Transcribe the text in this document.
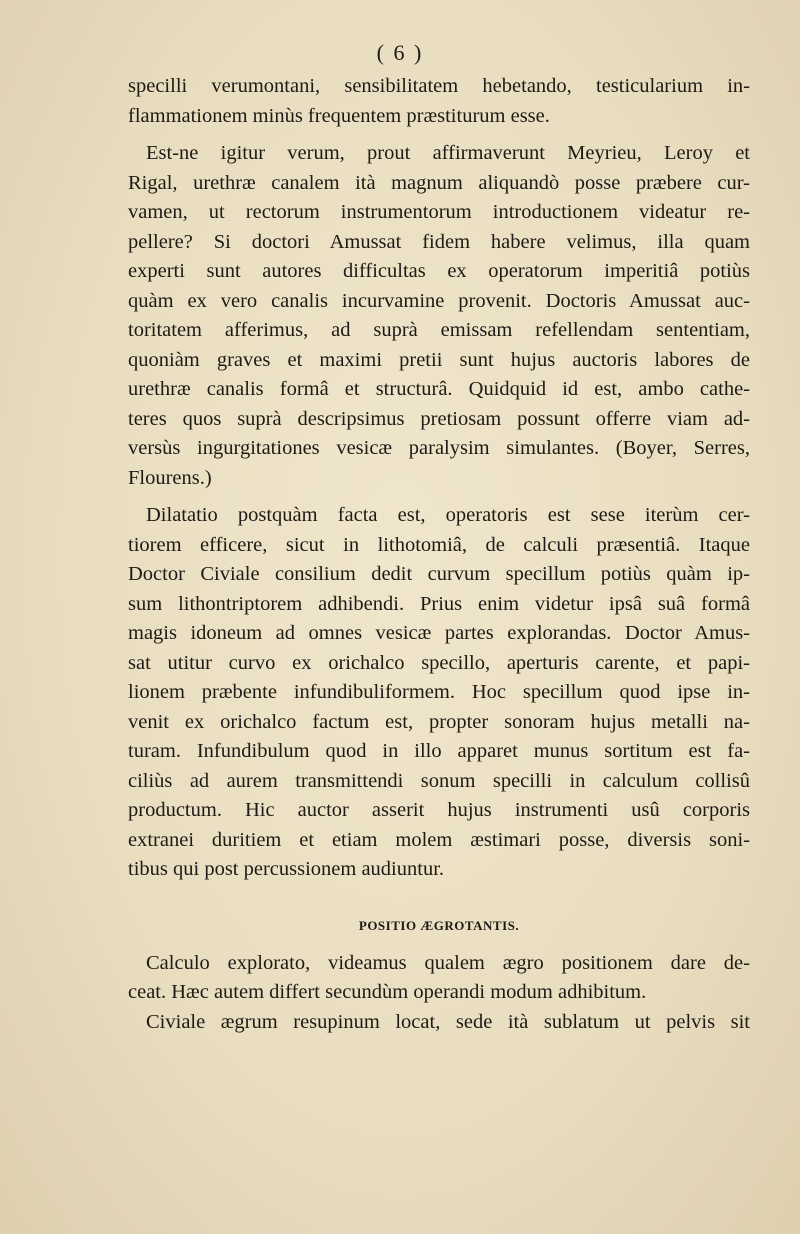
( 6 )
specilli verumontani, sensibilitatem hebetando, testicularium in-
flammationem minùs frequentem præstiturum esse.
Est-ne igitur verum, prout affirmaverunt Meyrieu, Leroy et
Rigal, urethræ canalem ità magnum aliquandò posse præbere cur-
vamen, ut rectorum instrumentorum introductionem videatur re-
pellere? Si doctori Amussat fidem habere velimus, illa quam
experti sunt autores difficultas ex operatorum imperitiâ potiùs
quàm ex vero canalis incurvamine provenit. Doctoris Amussat auc-
toritatem afferimus, ad suprà emissam refellendam sententiam,
quoniàm graves et maximi pretii sunt hujus auctoris labores de
urethræ canalis formâ et structurâ. Quidquid id est, ambo cathe-
teres quos suprà descripsimus pretiosam possunt offerre viam ad-
versùs ingurgitationes vesicæ paralysim simulantes. (Boyer, Serres,
Flourens.)
Dilatatio postquàm facta est, operatoris est sese iterùm cer-
tiorem efficere, sicut in lithotomiâ, de calculi præsentiâ. Itaque
Doctor Civiale consilium dedit curvum specillum potiùs quàm ip-
sum lithontriptorem adhibendi. Prius enim videtur ipsâ suâ formâ
magis idoneum ad omnes vesicæ partes explorandas. Doctor Amus-
sat utitur curvo ex orichalco specillo, aperturis carente, et papi-
lionem præbente infundibuliformem. Hoc specillum quod ipse in-
venit ex orichalco factum est, propter sonoram hujus metalli na-
turam. Infundibulum quod in illo apparet munus sortitum est fa-
ciliùs ad aurem transmittendi sonum specilli in calculum collisû
productum. Hic auctor asserit hujus instrumenti usû corporis
extranei duritiem et etiam molem æstimari posse, diversis soni-
tibus qui post percussionem audiuntur.
POSITIO ÆGROTANTIS.
Calculo explorato, videamus qualem ægro positionem dare de-
ceat. Hæc autem differt secundùm operandi modum adhibitum.
Civiale ægrum resupinum locat, sede ità sublatum ut pelvis sit
